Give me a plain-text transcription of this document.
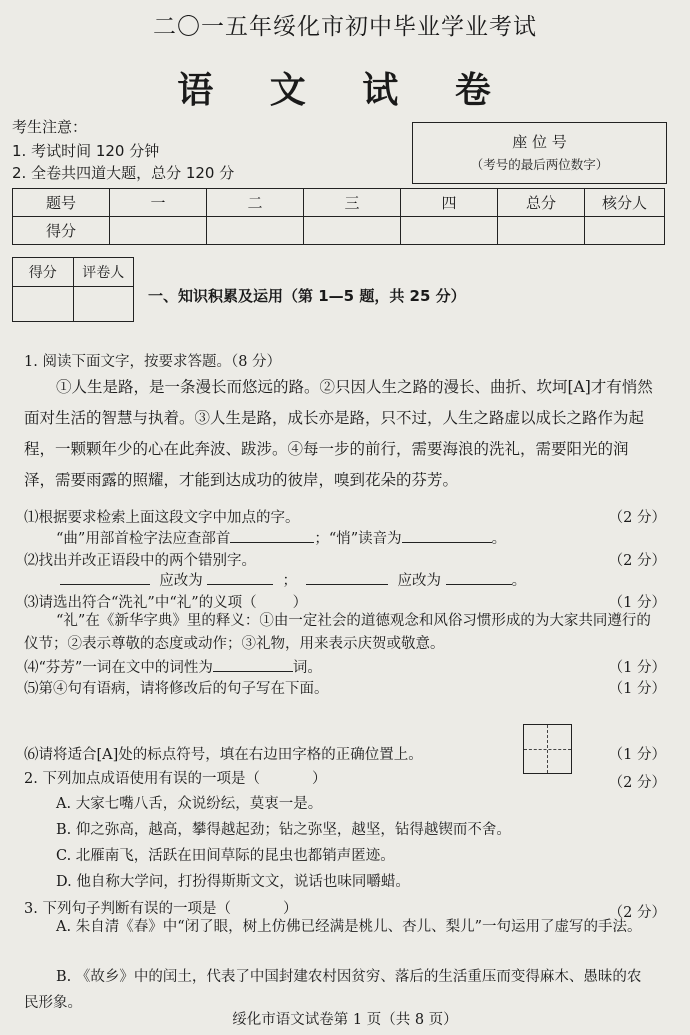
二〇一五年绥化市初中毕业学业考试
语 文 试 卷
考生注意：
1. 考试时间 120 分钟
2. 全卷共四道大题，总分 120 分
座 位 号
（考号的最后两位数字）
题号	一	二	三	四	总分	核分人
得分						
得分	评卷人

一、知识积累及运用（第 1—5 题，共 25 分）
1. 阅读下面文字，按要求答题。（8 分）
①人生是路，是一条漫长而悠远的路。②只因人生之路的漫长、曲折、坎坷[A]才有悄然面对生活的智慧与执着。③人生是路，成长亦是路，只不过，人生之路虚以成长之路作为起程，一颗颗年少的心在此奔波、跋涉。④每一步的前行，需要海浪的洗礼，需要阳光的润泽，需要雨露的照耀，才能到达成功的彼岸，嗅到花朵的芬芳。
⑴根据要求检索上面这段文字中加点的字。	（2 分）
“曲”用部首检字法应查部首	；“悄”读音为	。
⑵找出并改正语段中的两个错别字。	（2 分）
应改为	；	应改为	。
⑶请选出符合“洗礼”中“礼”的义项（ ）	（1 分）
“礼”在《新华字典》里的释义：①由一定社会的道德观念和风俗习惯形成的为大家共同遵行的仪节；②表示尊敬的态度或动作；③礼物，用来表示庆贺或敬意。
⑷“芬芳”一词在文中的词性为	词。	（1 分）
⑸第④句有语病，请将修改后的句子写在下面。	（1 分）
⑹请将适合[A]处的标点符号，填在右边田字格的正确位置上。	（1 分）
2. 下列加点成语使用有误的一项是（	）	（2 分）
A. 大家七嘴八舌，众说纷纭，莫衷一是。
B. 仰之弥高，越高，攀得越起劲；钻之弥坚，越坚，钻得越锲而不舍。
C. 北雁南飞，活跃在田间草际的昆虫也都销声匿迹。
D. 他自称大学问，打扮得斯斯文文，说话也味同嚼蜡。
3. 下列句子判断有误的一项是（	）	（2 分）
A. 朱自清《春》中“闭了眼，树上仿佛已经满是桃儿、杏儿、梨儿”一句运用了虚写的手法。
B. 《故乡》中的闰土，代表了中国封建农村因贫穷、落后的生活重压而变得麻木、愚昧的农民形象。
绥化市语文试卷第 1 页（共 8 页）
